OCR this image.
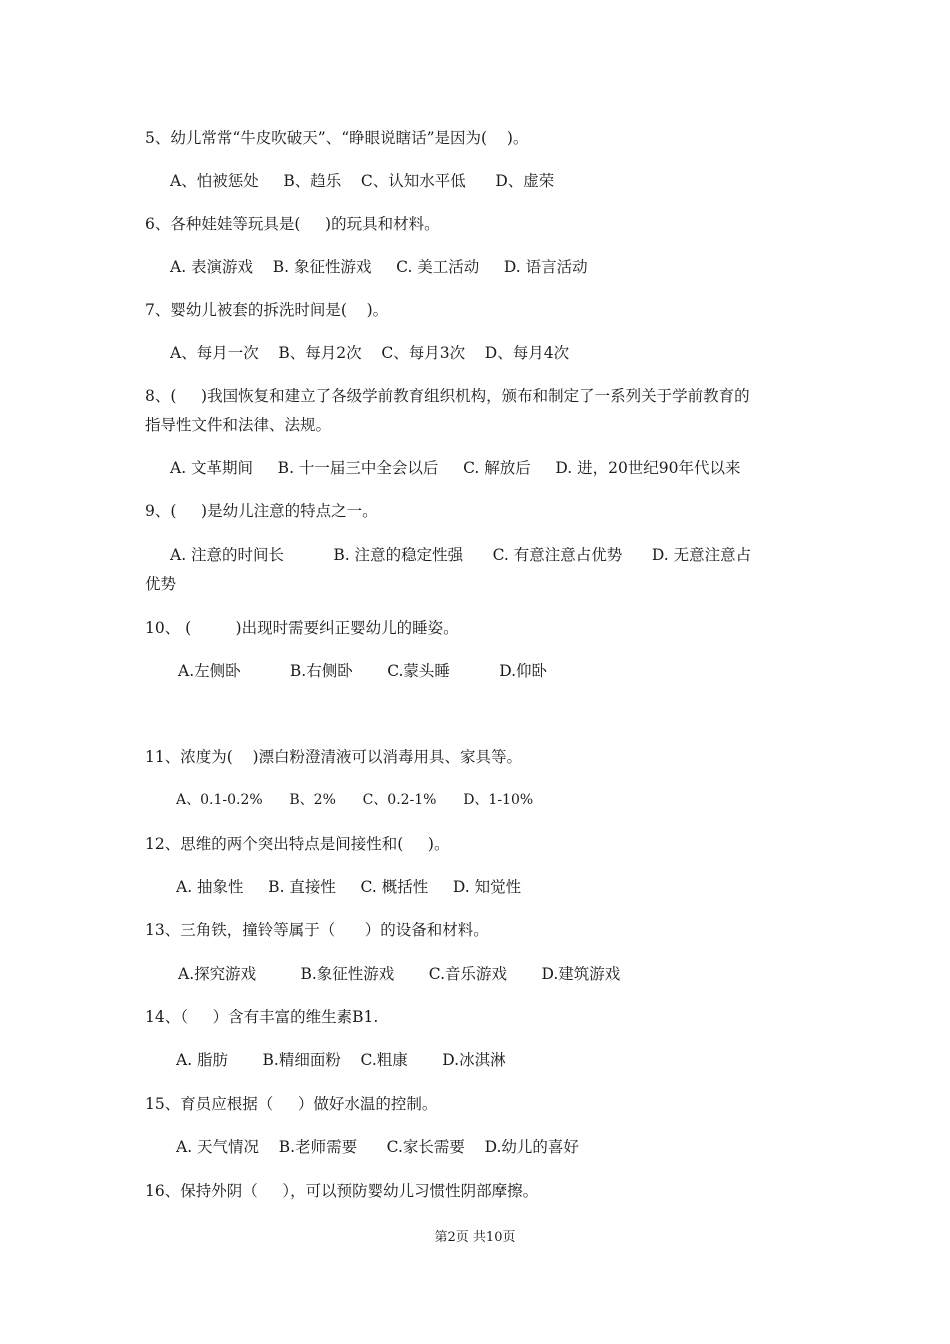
5、幼儿常常“牛皮吹破天”、“睁眼说瞎话”是因为(    )。
A、怕被惩处     B、趋乐    C、认知水平低      D、虚荣
6、各种娃娃等玩具是(     )的玩具和材料。
A. 表演游戏    B. 象征性游戏     C. 美工活动     D. 语言活动
7、婴幼儿被套的拆洗时间是(    )。
A、每月一次    B、每月2次    C、每月3次    D、每月4次
8、(     )我国恢复和建立了各级学前教育组织机构，颁布和制定了一系列关于学前教育的
指导性文件和法律、法规。
A. 文革期间     B. 十一届三中全会以后     C. 解放后     D. 进，20世纪90年代以来
9、(     )是幼儿注意的特点之一。
A. 注意的时间长          B. 注意的稳定性强      C. 有意注意占优势      D. 无意注意占
优势
10、 (         )出现时需要纠正婴幼儿的睡姿。
A.左侧卧          B.右侧卧       C.蒙头睡          D.仰卧
11、浓度为(    )漂白粉澄清液可以消毒用具、家具等。
A、0.1-0.2%      B、2%      C、0.2-1%      D、1-10%
12、思维的两个突出特点是间接性和(     )。
A. 抽象性     B. 直接性     C. 概括性     D. 知觉性
13、三角铁，撞铃等属于（      ）的设备和材料。
A.探究游戏         B.象征性游戏       C.音乐游戏       D.建筑游戏
14、（     ）含有丰富的维生素B1.
A. 脂肪       B.精细面粉    C.粗康       D.冰淇淋
15、育员应根据（     ）做好水温的控制。
A. 天气情况    B.老师需要      C.家长需要    D.幼儿的喜好
16、保持外阴（     ），可以预防婴幼儿习惯性阴部摩擦。
第2页 共10页
